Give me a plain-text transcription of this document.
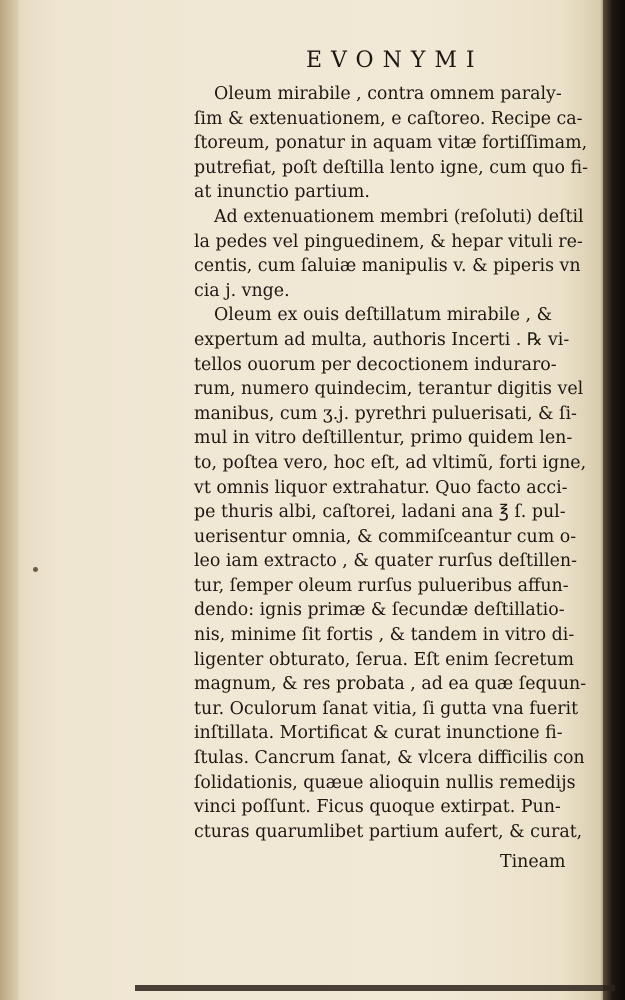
EVONYMI
Oleum mirabile , contra omnem paraly-
ſim & extenuationem, e caſtoreo. Recipe ca-
ſtoreum, ponatur in aquam vitæ fortiſſimam,
putrefiat, poſt deſtilla lento igne, cum quo fi-
at inunctio partium.
Ad extenuationem membri (reſoluti) deſtil
la pedes vel pinguedinem, & hepar vituli re-
centis, cum ſaluiæ manipulis v. & piperis vn
cia j. vnge.
Oleum ex ouis deſtillatum mirabile , &
expertum ad multa, authoris Incerti . ℞ vi-
tellos ouorum per decoctionem induraro-
rum, numero quindecim, terantur digitis vel
manibus, cum ʒ.j. pyrethri puluerisati, & ſi-
mul in vitro deſtillentur, primo quidem len-
to, poſtea vero, hoc eſt, ad vltimũ, forti igne,
vt omnis liquor extrahatur. Quo facto acci-
pe thuris albi, caſtorei, ladani ana ℥ ſ. pul-
uerisentur omnia, & commiſceantur cum o-
leo iam extracto , & quater rurſus deſtillen-
tur, ſemper oleum rurſus pulueribus affun-
dendo: ignis primæ & ſecundæ deſtillatio-
nis, minime ſit fortis , & tandem in vitro di-
ligenter obturato, ſerua. Eſt enim ſecretum
magnum, & res probata , ad ea quæ ſequun-
tur. Oculorum ſanat vitia, ſi gutta vna fuerit
inſtillata. Mortificat & curat inunctione fi-
ſtulas. Cancrum ſanat, & vlcera difficilis con
ſolidationis, quæue alioquin nullis remedijs
vinci poſſunt. Ficus quoque extirpat. Pun-
cturas quarumlibet partium aufert, & curat,
Tineam
